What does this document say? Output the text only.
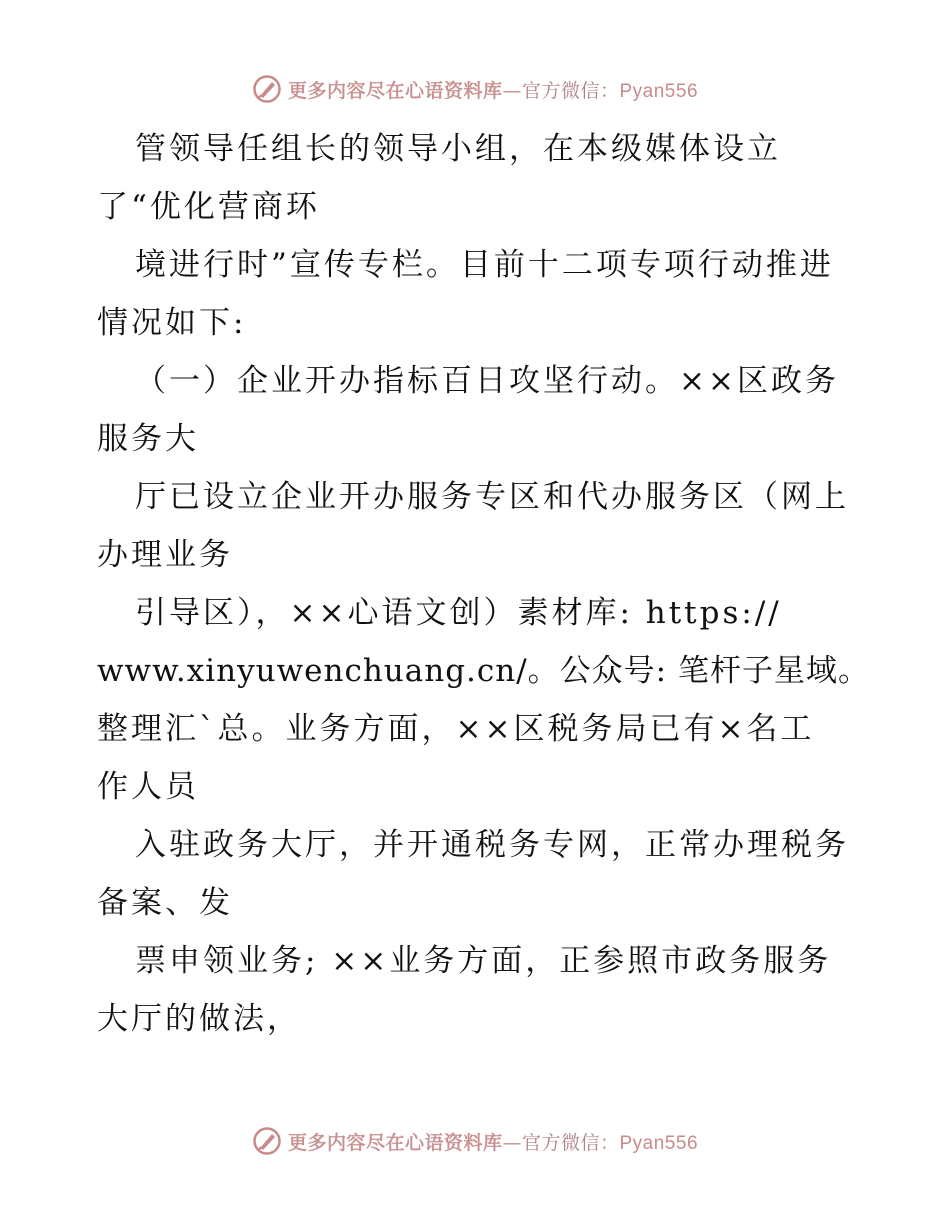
更多内容尽在心语资料库—官方微信：Pyan556
管领导任组长的领导小组，在本级媒体设立
了“优化营商环
境进行时”宣传专栏。目前十二项专项行动推进
情况如下:
（一）企业开办指标百日攻坚行动。××区政务
服务大
厅已设立企业开办服务专区和代办服务区（网上
办理业务
引导区），××心语文创）素材库: https://
www.xinyuwenchuang.cn/。公众号: 笔杆子星域。
整理汇`总。业务方面，××区税务局已有×名工
作人员
入驻政务大厅，并开通税务专网，正常办理税务
备案、发
票申领业务; ××业务方面，正参照市政务服务
大厅的做法，
更多内容尽在心语资料库—官方微信：Pyan556
